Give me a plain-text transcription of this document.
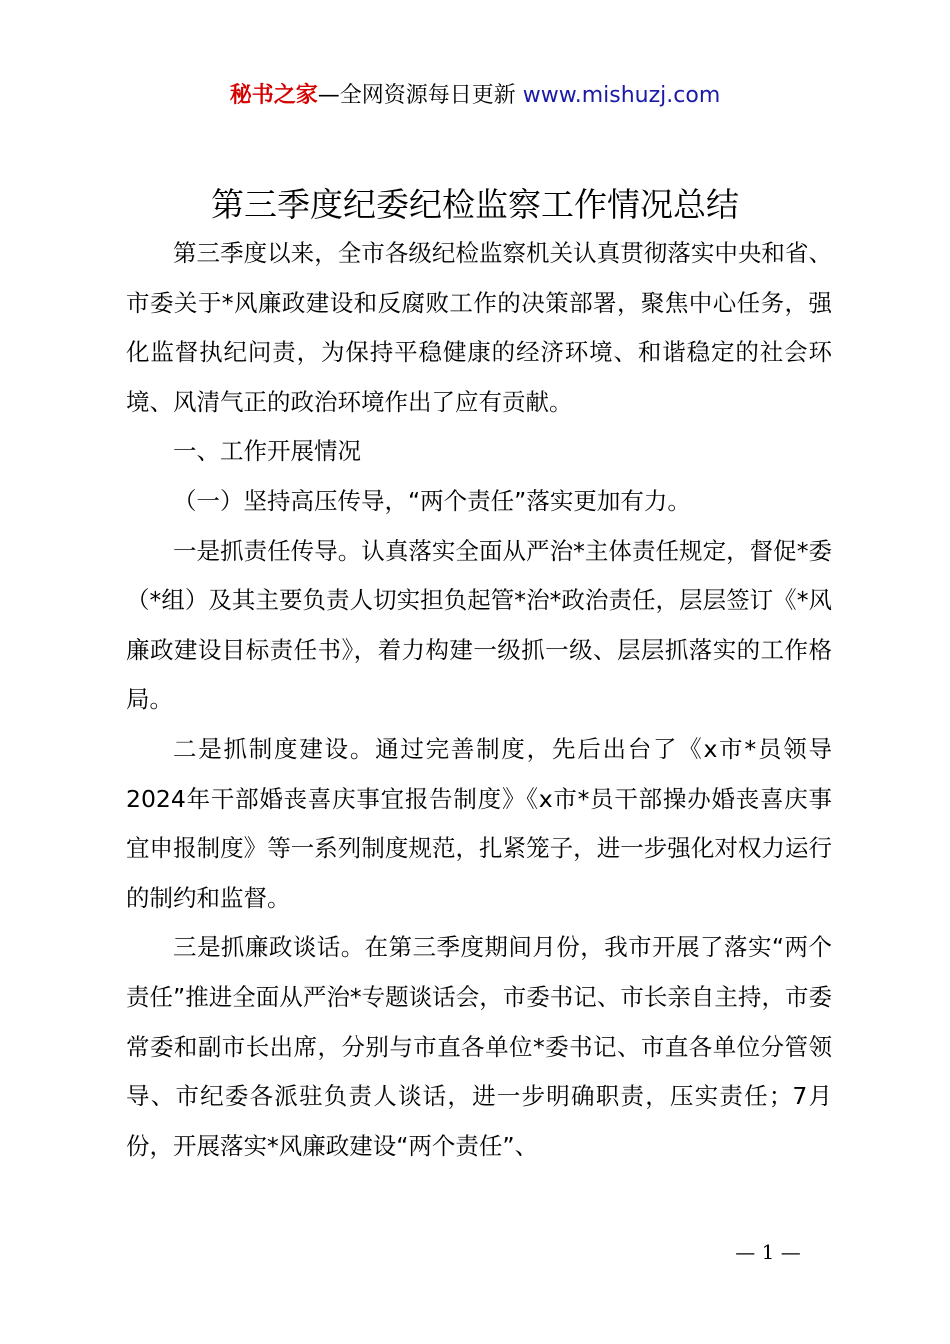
秘书之家—全网资源每日更新 www.mishuzj.com
第三季度纪委纪检监察工作情况总结

第三季度以来，全市各级纪检监察机关认真贯彻落实中央和省、市委关于*风廉政建设和反腐败工作的决策部署，聚焦中心任务，强化监督执纪问责，为保持平稳健康的经济环境、和谐稳定的社会环境、风清气正的政治环境作出了应有贡献。

一、工作开展情况

（一）坚持高压传导，“两个责任”落实更加有力。

一是抓责任传导。认真落实全面从严治*主体责任规定，督促*委（*组）及其主要负责人切实担负起管*治*政治责任，层层签订《*风廉政建设目标责任书》，着力构建一级抓一级、层层抓落实的工作格局。

二是抓制度建设。通过完善制度，先后出台了《x市*员领导2024年干部婚丧喜庆事宜报告制度》《x市*员干部操办婚丧喜庆事宜申报制度》等一系列制度规范，扎紧笼子，进一步强化对权力运行的制约和监督。

三是抓廉政谈话。在第三季度期间月份，我市开展了落实“两个责任”推进全面从严治*专题谈话会，市委书记、市长亲自主持，市委常委和副市长出席，分别与市直各单位*委书记、市直各单位分管领导、市纪委各派驻负责人谈话，进一步明确职责，压实责任；7月份，开展落实*风廉政建设“两个责任”、

— 1 —
